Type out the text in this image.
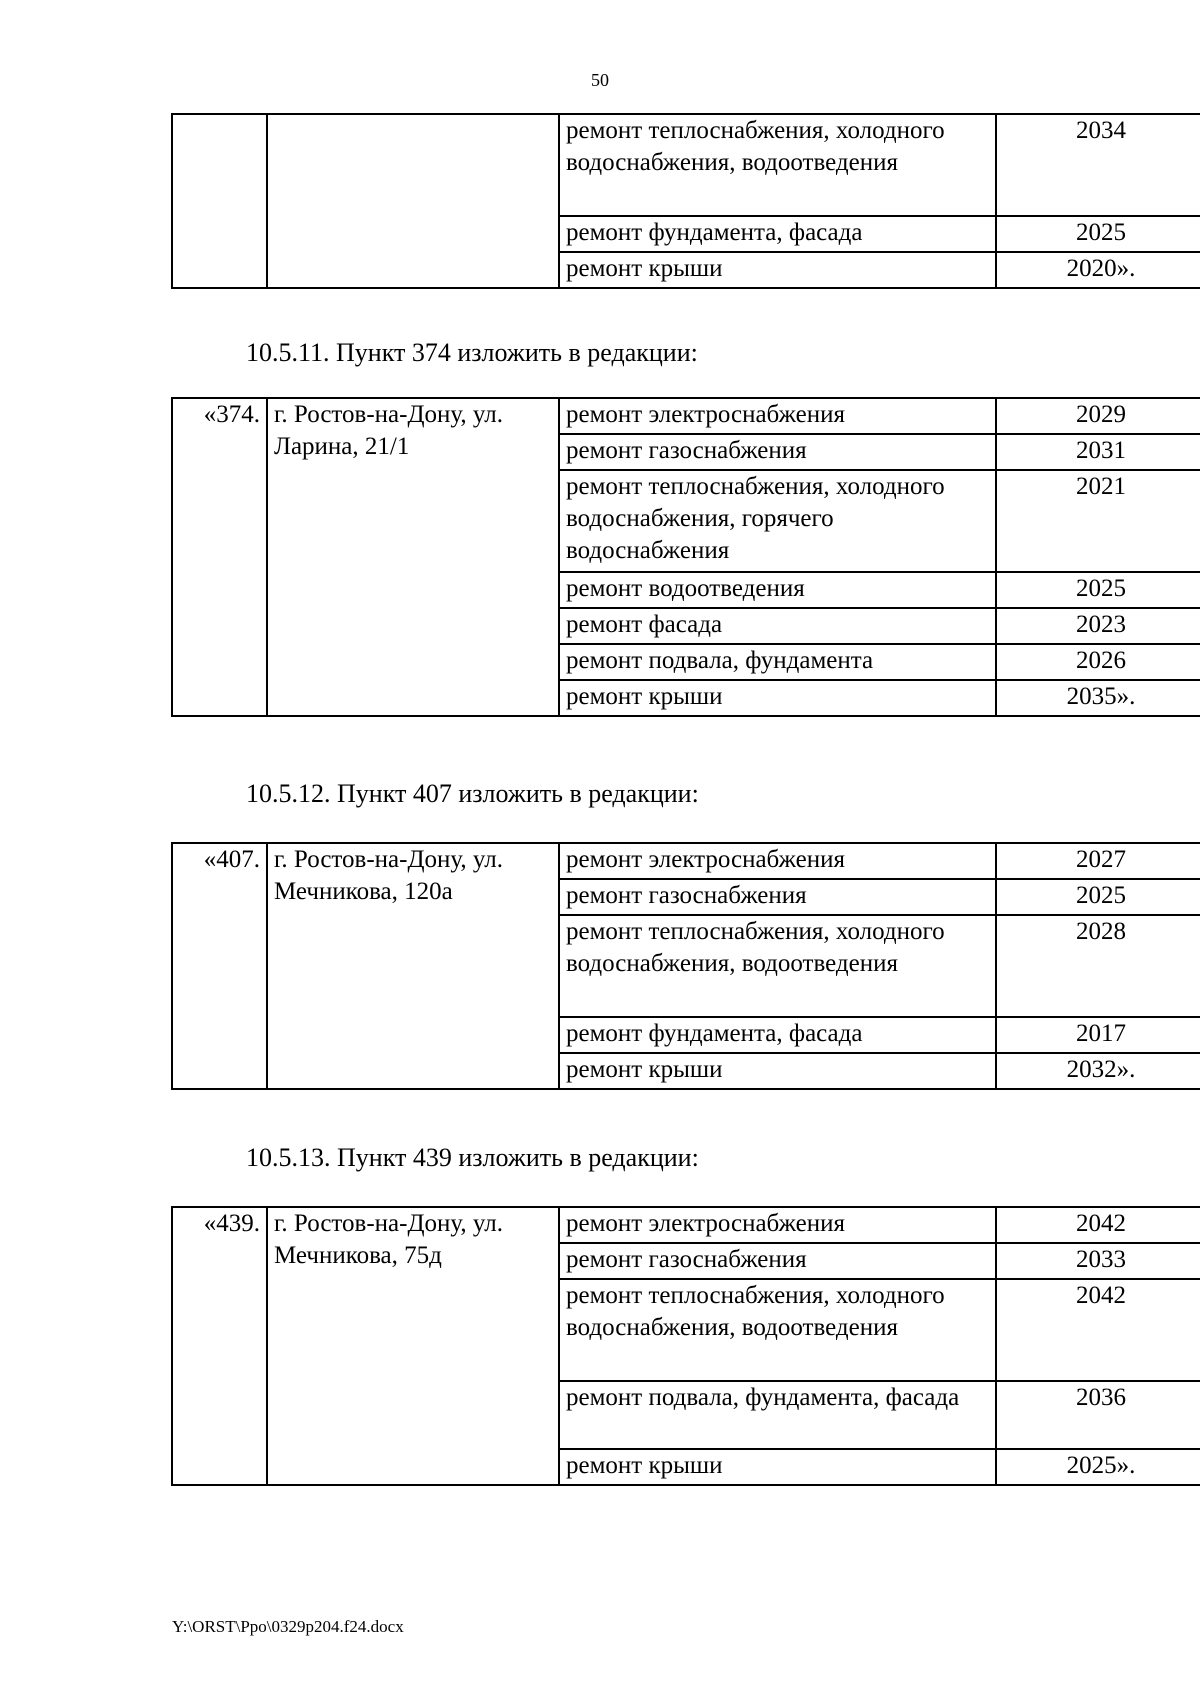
50
		ремонт теплоснабжения, холодного водоснабжения, водоотведения	2034
		ремонт фундамента, фасада	2025
		ремонт крыши	2020».
10.5.11. Пункт 374 изложить в редакции:
«374.	г. Ростов-на-Дону, ул. Ларина, 21/1	ремонт электроснабжения	2029
		ремонт газоснабжения	2031
		ремонт теплоснабжения, холодного водоснабжения, горячего водоснабжения	2021
		ремонт водоотведения	2025
		ремонт фасада	2023
		ремонт подвала, фундамента	2026
		ремонт крыши	2035».
10.5.12. Пункт 407 изложить в редакции:
«407.	г. Ростов-на-Дону, ул. Мечникова, 120а	ремонт электроснабжения	2027
		ремонт газоснабжения	2025
		ремонт теплоснабжения, холодного водоснабжения, водоотведения	2028
		ремонт фундамента, фасада	2017
		ремонт крыши	2032».
10.5.13. Пункт 439 изложить в редакции:
«439.	г. Ростов-на-Дону, ул. Мечникова, 75д	ремонт электроснабжения	2042
		ремонт газоснабжения	2033
		ремонт теплоснабжения, холодного водоснабжения, водоотведения	2042
		ремонт подвала, фундамента, фасада	2036
		ремонт крыши	2025».
Y:\ORST\Ppo\0329p204.f24.docx
